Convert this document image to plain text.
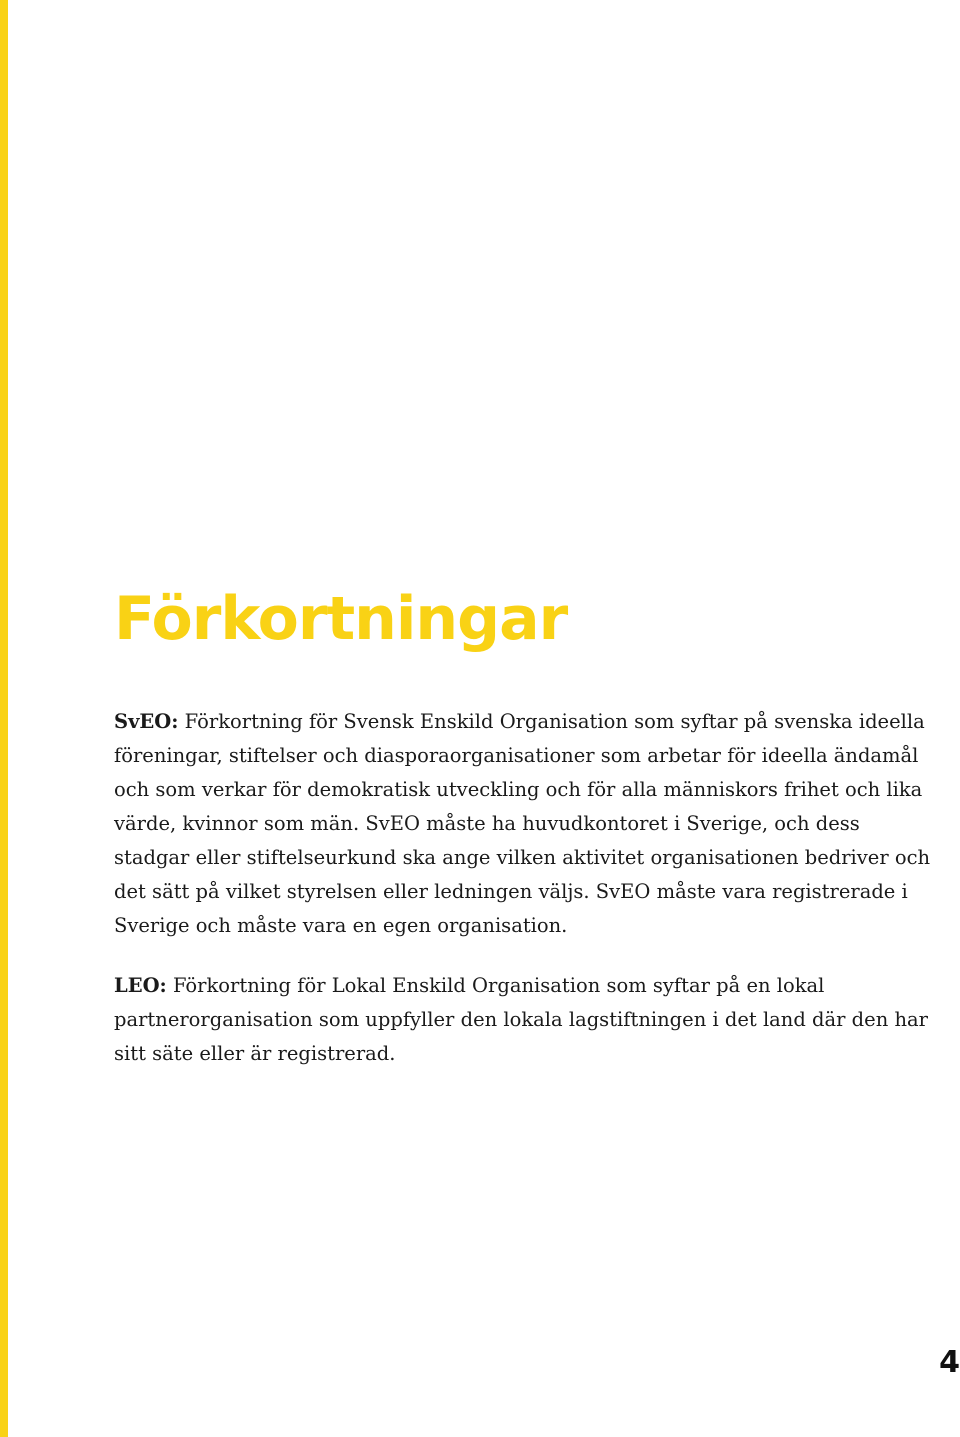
Förkortningar

SvEO: Förkortning för Svensk Enskild Organisation som syftar på svenska ideella föreningar, stiftelser och diasporaorganisationer som arbetar för ideella ändamål och som verkar för demokratisk utveckling och för alla människors frihet och lika värde, kvinnor som män. SvEO måste ha huvudkontoret i Sverige, och dess stadgar eller stiftelseurkund ska ange vilken aktivitet organisationen bedriver och det sätt på vilket styrelsen eller ledningen väljs. SvEO måste vara registrerade i Sverige och måste vara en egen organisation.

LEO: Förkortning för Lokal Enskild Organisation som syftar på en lokal partnerorganisation som uppfyller den lokala lagstiftningen i det land där den har sitt säte eller är registrerad.

4
